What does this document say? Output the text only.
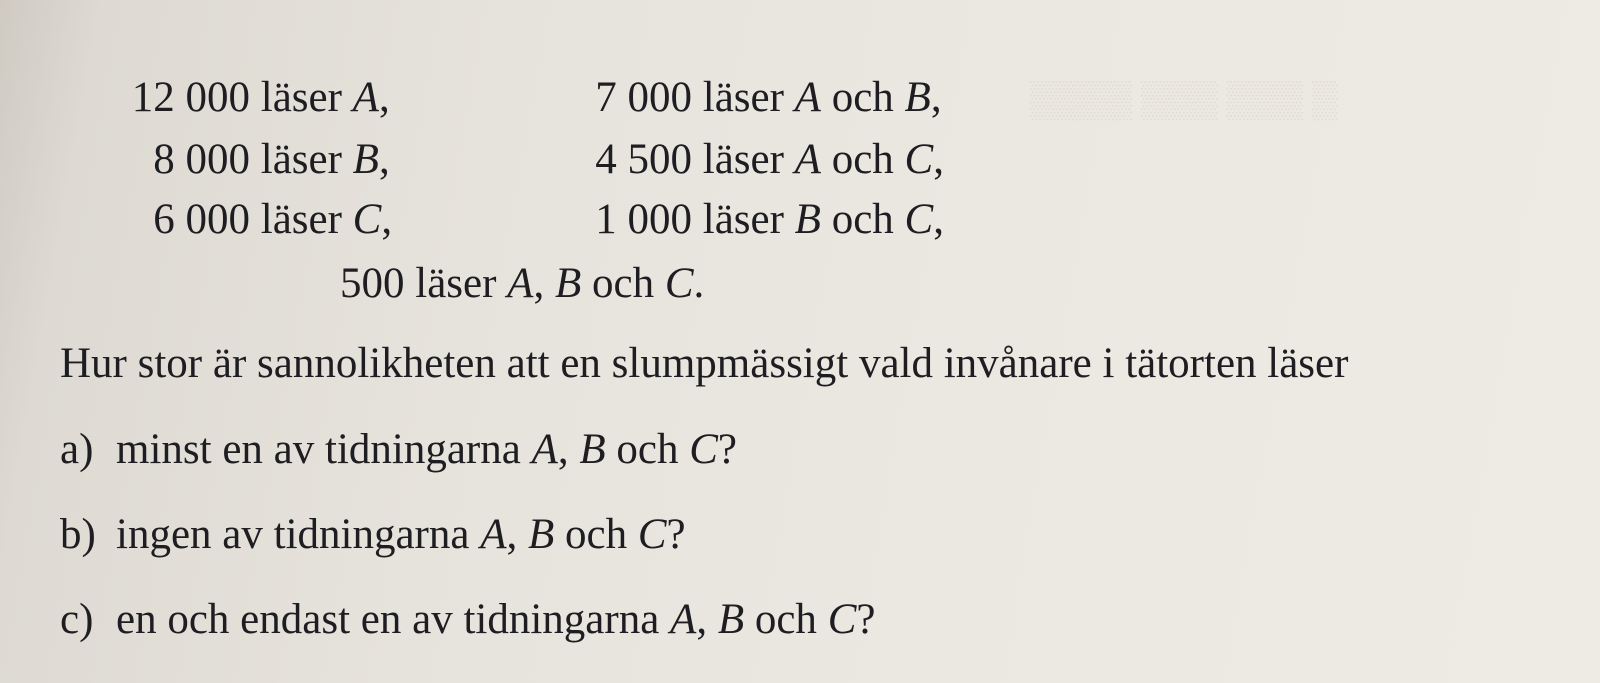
▒ ▒▒▒ ▒▒▒ ▒▒▒▒
12 000 läser A,	7 000 läser A och B,
8 000 läser B,	4 500 läser A och C,
6 000 läser C,	1 000 läser B och C,
500 läser A, B och C.
Hur stor är sannolikheten att en slumpmässigt vald invånare i tätorten läser
a) minst en av tidningarna A, B och C?
b) ingen av tidningarna A, B och C?
c) en och endast en av tidningarna A, B och C?
